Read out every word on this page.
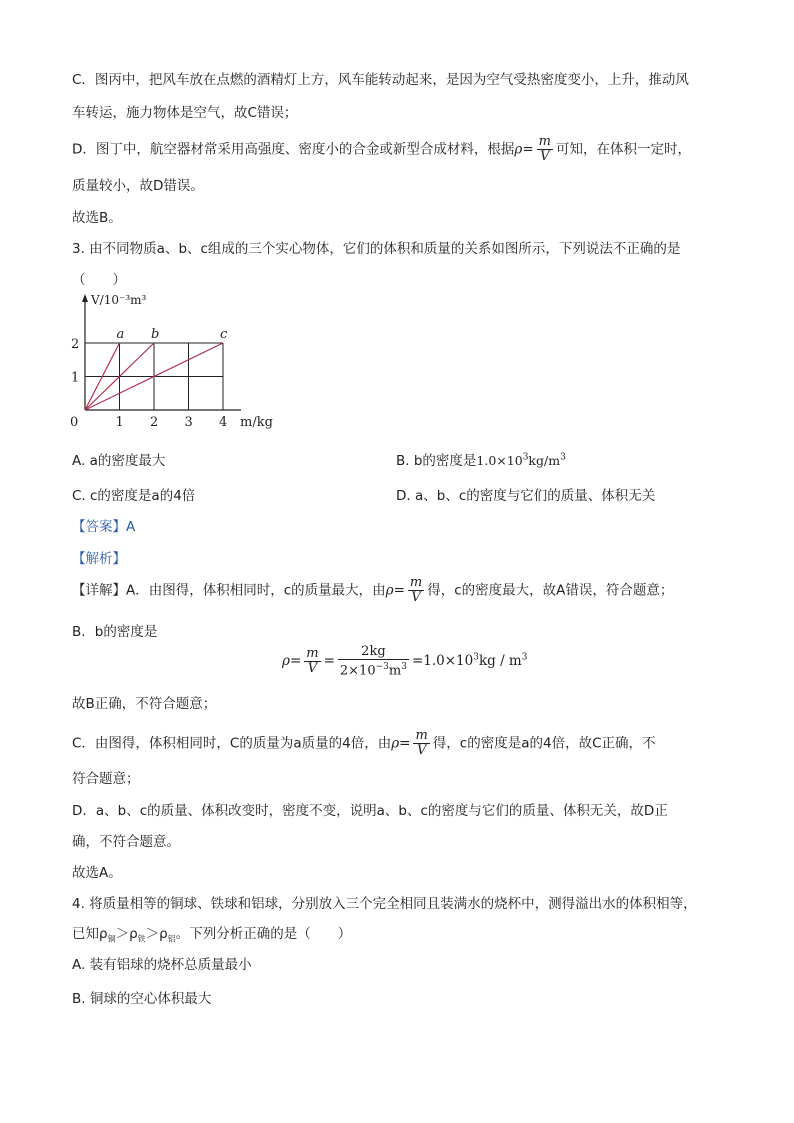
C．图丙中，把风车放在点燃的酒精灯上方，风车能转动起来，是因为空气受热密度变小，上升，推动风
车转运，施力物体是空气，故C错误；
D．图丁中，航空器材常采用高强度、密度小的合金或新型合成材料，根据$\rho= \frac{m}{V}$ 可知，在体积一定时，
质量较小，故D错误。
故选B。
3. 由不同物质a、b、c组成的三个实心物体，它们的体积和质量的关系如图所示，下列说法不正确的是
（　　）
a b	c
0	1 2 3 4
1
2
V/10⁻³m³
m/kg
A. a的密度最大	B. b的密度是$1.0\times 10^3kg/m^3$
C. c的密度是a的4倍	D. a、b、c的密度与它们的质量、体积无关
【答案】A
【解析】
【详解】A．由图得，体积相同时，c的质量最大，由$\rho= \frac{m}{V}$ 得，c的密度最大，故A错误，符合题意；
B．b的密度是
$\rho= \frac{m}{V} = \frac{2kg}{2\times 10^{-3}m^3} =1.0\times 10^3kg / m^3$
故B正确，不符合题意；
C．由图得，体积相同时，C的质量为a质量的4倍，由$\rho= \frac{m}{V}$ 得，c的密度是a的4倍，故C正确，不
符合题意；
D．a、b、c的质量、体积改变时，密度不变，说明a、b、c的密度与它们的质量、体积无关，故D正
确，不符合题意。
故选A。
4. 将质量相等的铜球、铁球和铝球，分别放入三个完全相同且装满水的烧杯中，测得溢出水的体积相等，
已知$\rho_铜>\rho_铁>\rho_铝$。下列分析正确的是（　　）
A. 装有铝球的烧杯总质量最小
B. 铜球的空心体积最大
